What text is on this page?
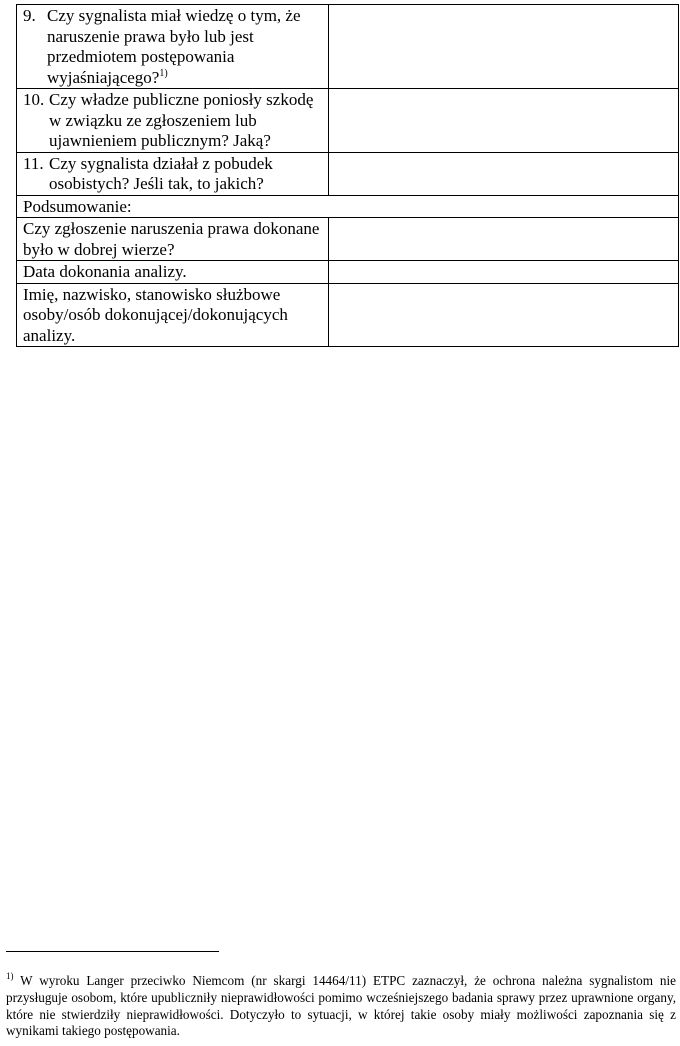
9. Czy sygnalista miał wiedzę o tym, że naruszenie prawa było lub jest przedmiotem postępowania wyjaśniającego?$^{1)}$

10. Czy władze publiczne poniosły szkodę w związku ze zgłoszeniem lub ujawnieniem publicznym? Jaką?	

11. Czy sygnalista działał z pobudek osobistych? Jeśli tak, to jakich?	

Podsumowanie:	
Czy zgłoszenie naruszenia prawa dokonane było w dobrej wierze?	
Data dokonania analizy.	
Imię, nazwisko, stanowisko służbowe osoby/osób dokonującej/dokonujących analizy.	
$^{1)}$ W wyroku Langer przeciwko Niemcom (nr skargi 14464/11) ETPC zaznaczył, że ochrona należna sygnalistom nie przysługuje osobom, które upubliczniły nieprawidłowości pomimo wcześniejszego badania sprawy przez uprawnione organy, które nie stwierdziły nieprawidłowości. Dotyczyło to sytuacji, w której takie osoby miały możliwości zapoznania się z wynikami takiego postępowania.
